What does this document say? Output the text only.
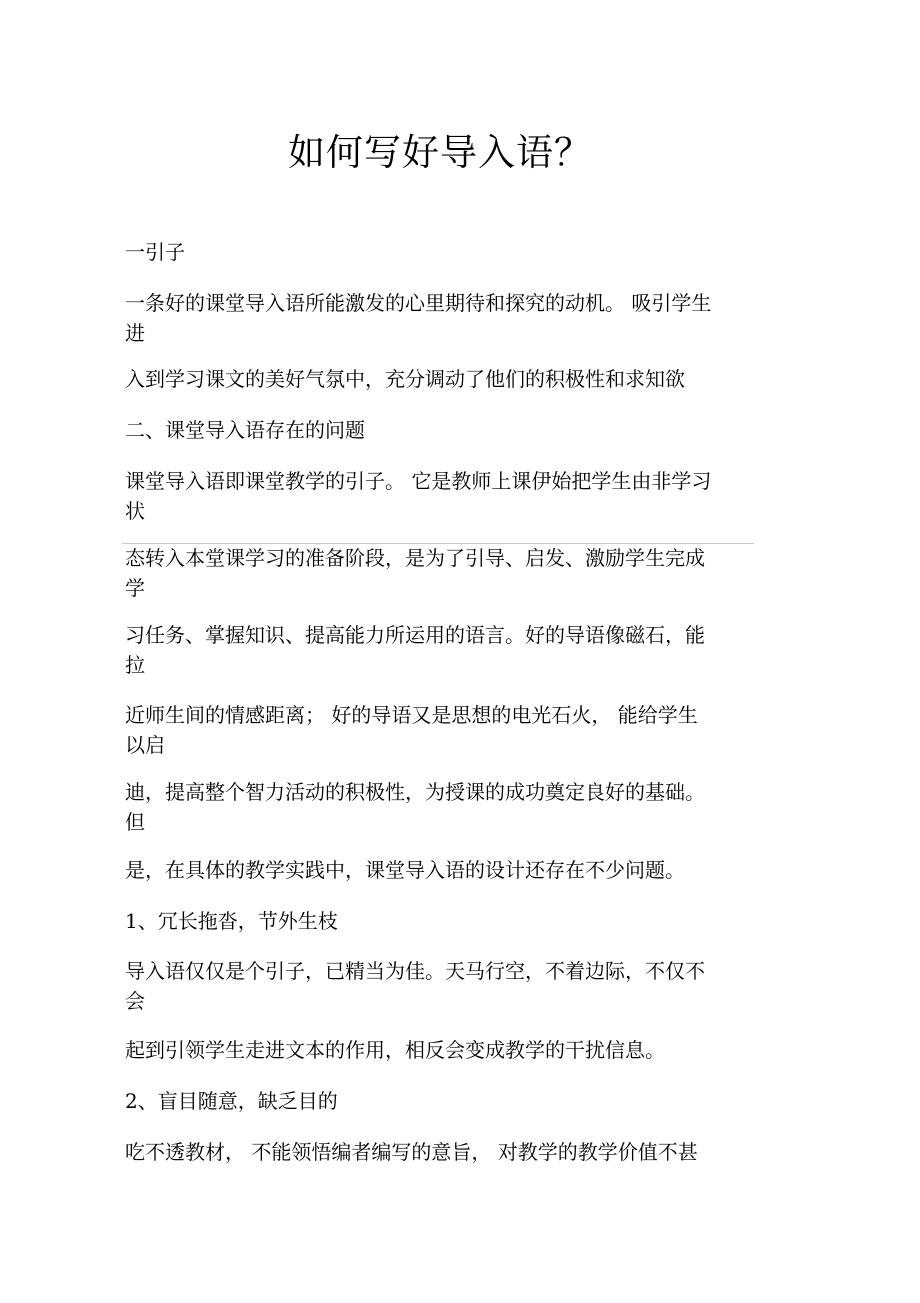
如何写好导入语？
一引子
一条好的课堂导入语所能激发的心里期待和探究的动机。 吸引学生
进
入到学习课文的美好气氛中，充分调动了他们的积极性和求知欲
二、课堂导入语存在的问题
课堂导入语即课堂教学的引子。 它是教师上课伊始把学生由非学习
状
态转入本堂课学习的准备阶段，是为了引导、启发、激励学生完成
学
习任务、掌握知识、提高能力所运用的语言。好的导语像磁石，能
拉
近师生间的情感距离； 好的导语又是思想的电光石火， 能给学生
以启
迪，提高整个智力活动的积极性，为授课的成功奠定良好的基础。
但
是，在具体的教学实践中，课堂导入语的设计还存在不少问题。
1、冗长拖沓，节外生枝
导入语仅仅是个引子，已精当为佳。天马行空，不着边际，不仅不
会
起到引领学生走进文本的作用，相反会变成教学的干扰信息。
2、盲目随意，缺乏目的
吃不透教材， 不能领悟编者编写的意旨， 对教学的教学价值不甚
